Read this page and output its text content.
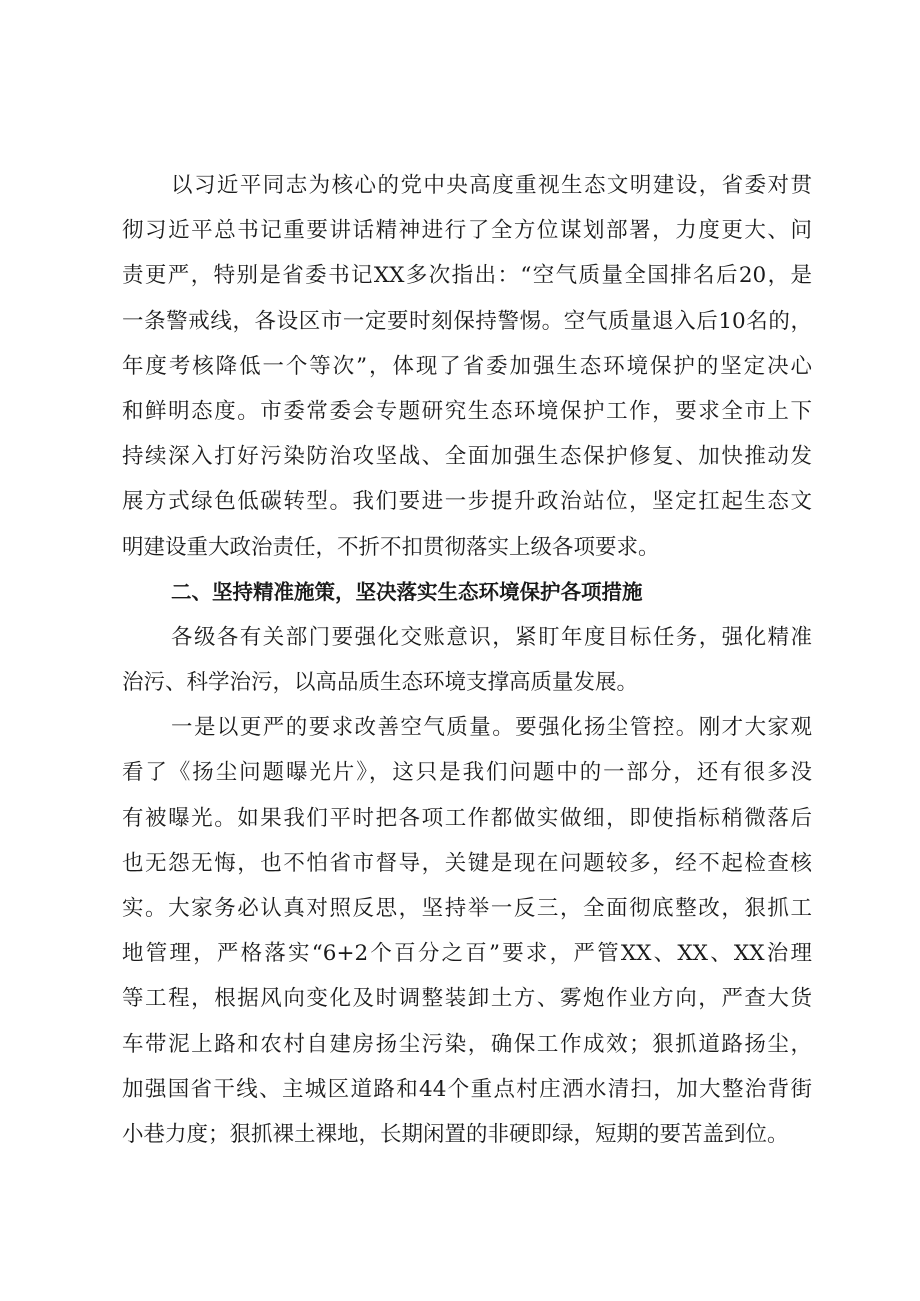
以习近平同志为核心的党中央高度重视生态文明建设，省委对贯
彻习近平总书记重要讲话精神进行了全方位谋划部署，力度更大、问
责更严，特别是省委书记XX多次指出：“空气质量全国排名后20，是
一条警戒线，各设区市一定要时刻保持警惕。空气质量退入后10名的，
年度考核降低一个等次”，体现了省委加强生态环境保护的坚定决心
和鲜明态度。市委常委会专题研究生态环境保护工作，要求全市上下
持续深入打好污染防治攻坚战、全面加强生态保护修复、加快推动发
展方式绿色低碳转型。我们要进一步提升政治站位，坚定扛起生态文
明建设重大政治责任，不折不扣贯彻落实上级各项要求。
二、坚持精准施策，坚决落实生态环境保护各项措施
各级各有关部门要强化交账意识，紧盯年度目标任务，强化精准
治污、科学治污，以高品质生态环境支撑高质量发展。
一是以更严的要求改善空气质量。要强化扬尘管控。刚才大家观
看了《扬尘问题曝光片》，这只是我们问题中的一部分，还有很多没
有被曝光。如果我们平时把各项工作都做实做细，即使指标稍微落后
也无怨无悔，也不怕省市督导，关键是现在问题较多，经不起检查核
实。大家务必认真对照反思，坚持举一反三，全面彻底整改，狠抓工
地管理，严格落实“6+2个百分之百”要求，严管XX、XX、XX治理
等工程，根据风向变化及时调整装卸土方、雾炮作业方向，严查大货
车带泥上路和农村自建房扬尘污染，确保工作成效；狠抓道路扬尘，
加强国省干线、主城区道路和44个重点村庄洒水清扫，加大整治背街
小巷力度；狠抓裸土裸地，长期闲置的非硬即绿，短期的要苫盖到位。
